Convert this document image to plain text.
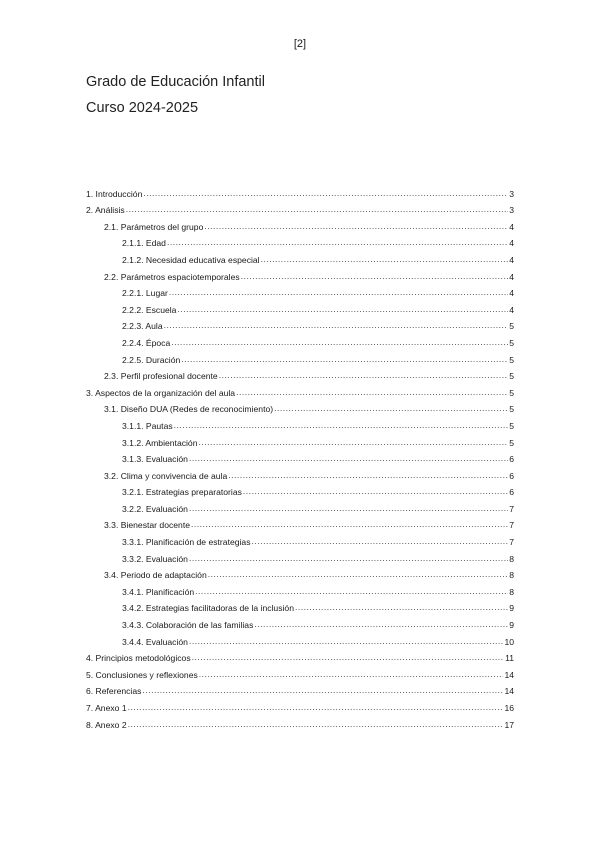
[2]
Grado de Educación Infantil
Curso 2024-2025
1. Introducción .....	3
2. Análisis .....	3
2.1. Parámetros del grupo .....	4
2.1.1. Edad .....	4
2.1.2. Necesidad educativa especial .....	4
2.2. Parámetros espaciotemporales .....	4
2.2.1. Lugar .....	4
2.2.2. Escuela .....	4
2.2.3. Aula .....	5
2.2.4. Época .....	5
2.2.5. Duración .....	5
2.3. Perfil profesional docente .....	5
3. Aspectos de la organización del aula .....	5
3.1. Diseño DUA (Redes de reconocimiento) .....	5
3.1.1. Pautas .....	5
3.1.2. Ambientación .....	5
3.1.3. Evaluación .....	6
3.2. Clima y convivencia de aula .....	6
3.2.1. Estrategias preparatorias .....	6
3.2.2. Evaluación .....	7
3.3. Bienestar docente .....	7
3.3.1. Planificación de estrategias .....	7
3.3.2. Evaluación .....	8
3.4. Periodo de adaptación .....	8
3.4.1. Planificación .....	8
3.4.2. Estrategias facilitadoras de la inclusión .....	9
3.4.3. Colaboración de las familias .....	9
3.4.4. Evaluación .....	10
4. Principios metodológicos .....	11
5. Conclusiones y reflexiones .....	14
6. Referencias .....	14
7. Anexo 1 .....	16
8. Anexo 2 .....	17
